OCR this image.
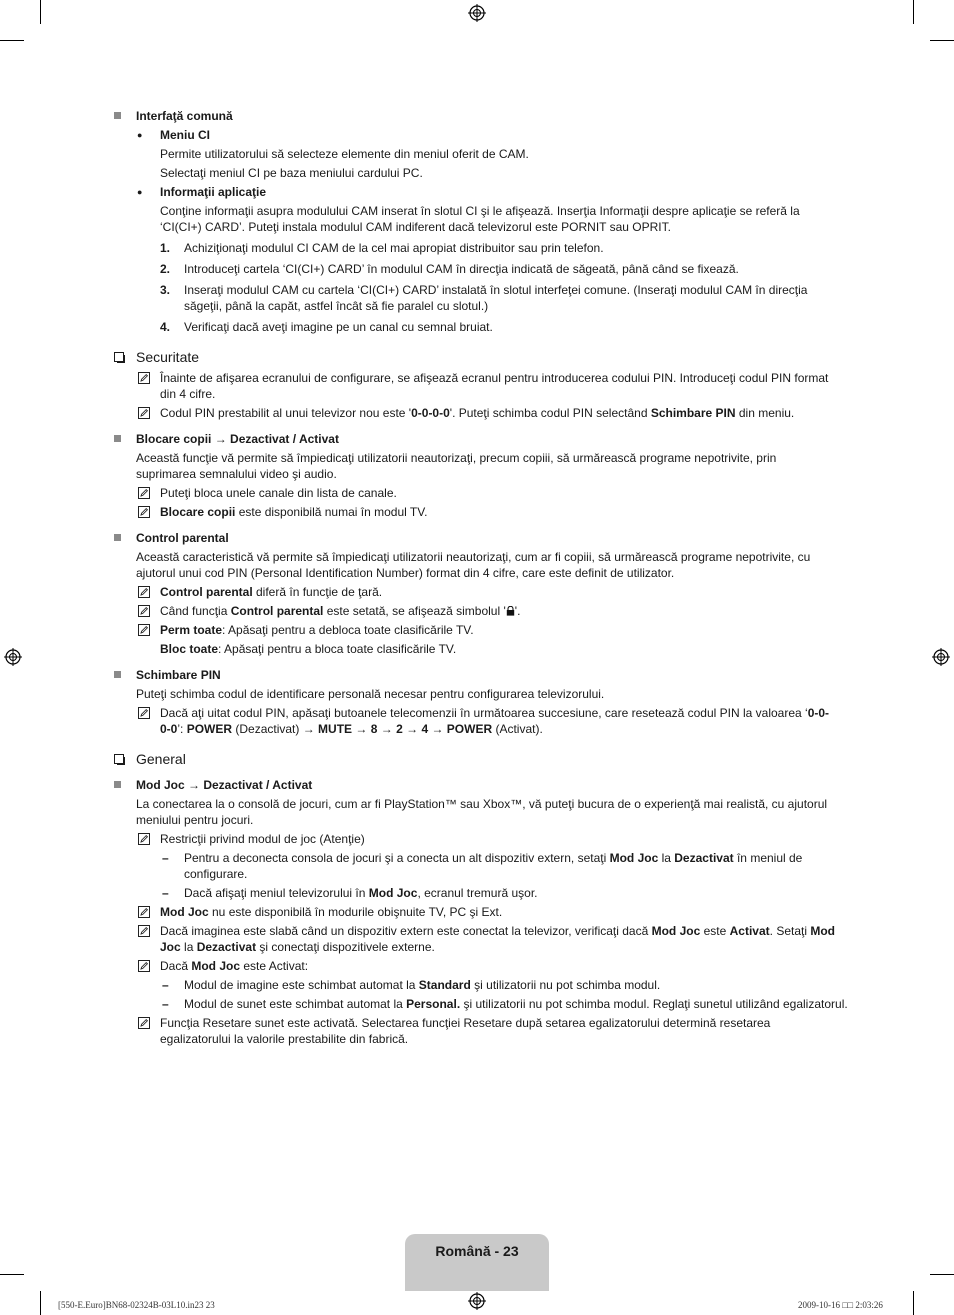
Interfaţă comună
● Meniu CI
Permite utilizatorului să selecteze elemente din meniul oferit de CAM.
Selectaţi meniul CI pe baza meniului cardului PC.
● Informaţii aplicaţie
Conţine informaţii asupra modulului CAM inserat în slotul CI şi le afişează. Inserţia Informaţii despre aplicaţie se referă la
‘CI(CI+) CARD’. Puteţi instala modulul CAM indiferent dacă televizorul este PORNIT sau OPRIT.
1. Achiziţionaţi modulul CI CAM de la cel mai apropiat distribuitor sau prin telefon.
2. Introduceţi cartela ‘CI(CI+) CARD’ în modulul CAM în direcţia indicată de săgeată, până când se fixează.
3. Inseraţi modulul CAM cu cartela ‘CI(CI+) CARD’ instalată în slotul interfeţei comune. (Inseraţi modulul CAM în direcţia
săgeţii, până la capăt, astfel încât să fie paralel cu slotul.)
4. Verificaţi dacă aveţi imagine pe un canal cu semnal bruiat.
Securitate
Înainte de afişarea ecranului de configurare, se afişează ecranul pentru introducerea codului PIN. Introduceţi codul PIN format
din 4 cifre.
Codul PIN prestabilit al unui televizor nou este '0-0-0-0'. Puteţi schimba codul PIN selectând Schimbare PIN din meniu.
Blocare copii → Dezactivat / Activat
Această funcţie vă permite să împiedicaţi utilizatorii neautorizaţi, precum copiii, să urmărească programe nepotrivite, prin
suprimarea semnalului video şi audio.
Puteţi bloca unele canale din lista de canale.
Blocare copii este disponibilă numai în modul TV.
Control parental
Această caracteristică vă permite să împiedicaţi utilizatorii neautorizaţi, cum ar fi copiii, să urmărească programe nepotrivite, cu
ajutorul unui cod PIN (Personal Identification Number) format din 4 cifre, care este definit de utilizator.
Control parental diferă în funcţie de ţară.
Când funcţia Control parental este setată, se afişează simbolul ' '.
Perm toate: Apăsaţi pentru a debloca toate clasificările TV.
Bloc toate: Apăsaţi pentru a bloca toate clasificările TV.
Schimbare PIN
Puteţi schimba codul de identificare personală necesar pentru configurarea televizorului.
Dacă aţi uitat codul PIN, apăsaţi butoanele telecomenzii în următoarea succesiune, care resetează codul PIN la valoarea ‘0-0-
0-0’: POWER (Dezactivat) → MUTE → 8 → 2 → 4 → POWER (Activat).
General
Mod Joc → Dezactivat / Activat
La conectarea la o consolă de jocuri, cum ar fi PlayStation™ sau Xbox™, vă puteţi bucura de o experienţă mai realistă, cu ajutorul
meniului pentru jocuri.
Restricţii privind modul de joc (Atenţie)
– Pentru a deconecta consola de jocuri şi a conecta un alt dispozitiv extern, setaţi Mod Joc la Dezactivat în meniul de
configurare.
– Dacă afişaţi meniul televizorului în Mod Joc, ecranul tremură uşor.
Mod Joc nu este disponibilă în modurile obişnuite TV, PC şi Ext.
Dacă imaginea este slabă când un dispozitiv extern este conectat la televizor, verificaţi dacă Mod Joc este Activat. Setaţi Mod
Joc la Dezactivat şi conectaţi dispozitivele externe.
Dacă Mod Joc este Activat:
– Modul de imagine este schimbat automat la Standard şi utilizatorii nu pot schimba modul.
– Modul de sunet este schimbat automat la Personal. şi utilizatorii nu pot schimba modul. Reglaţi sunetul utilizând egalizatorul.
Funcţia Resetare sunet este activată. Selectarea funcţiei Resetare după setarea egalizatorului determină resetarea
egalizatorului la valorile prestabilite din fabrică.
Română - 23
[550-E.Euro]BN68-02324B-03L10.in23 23	2009-10-16 □□ 2:03:26
